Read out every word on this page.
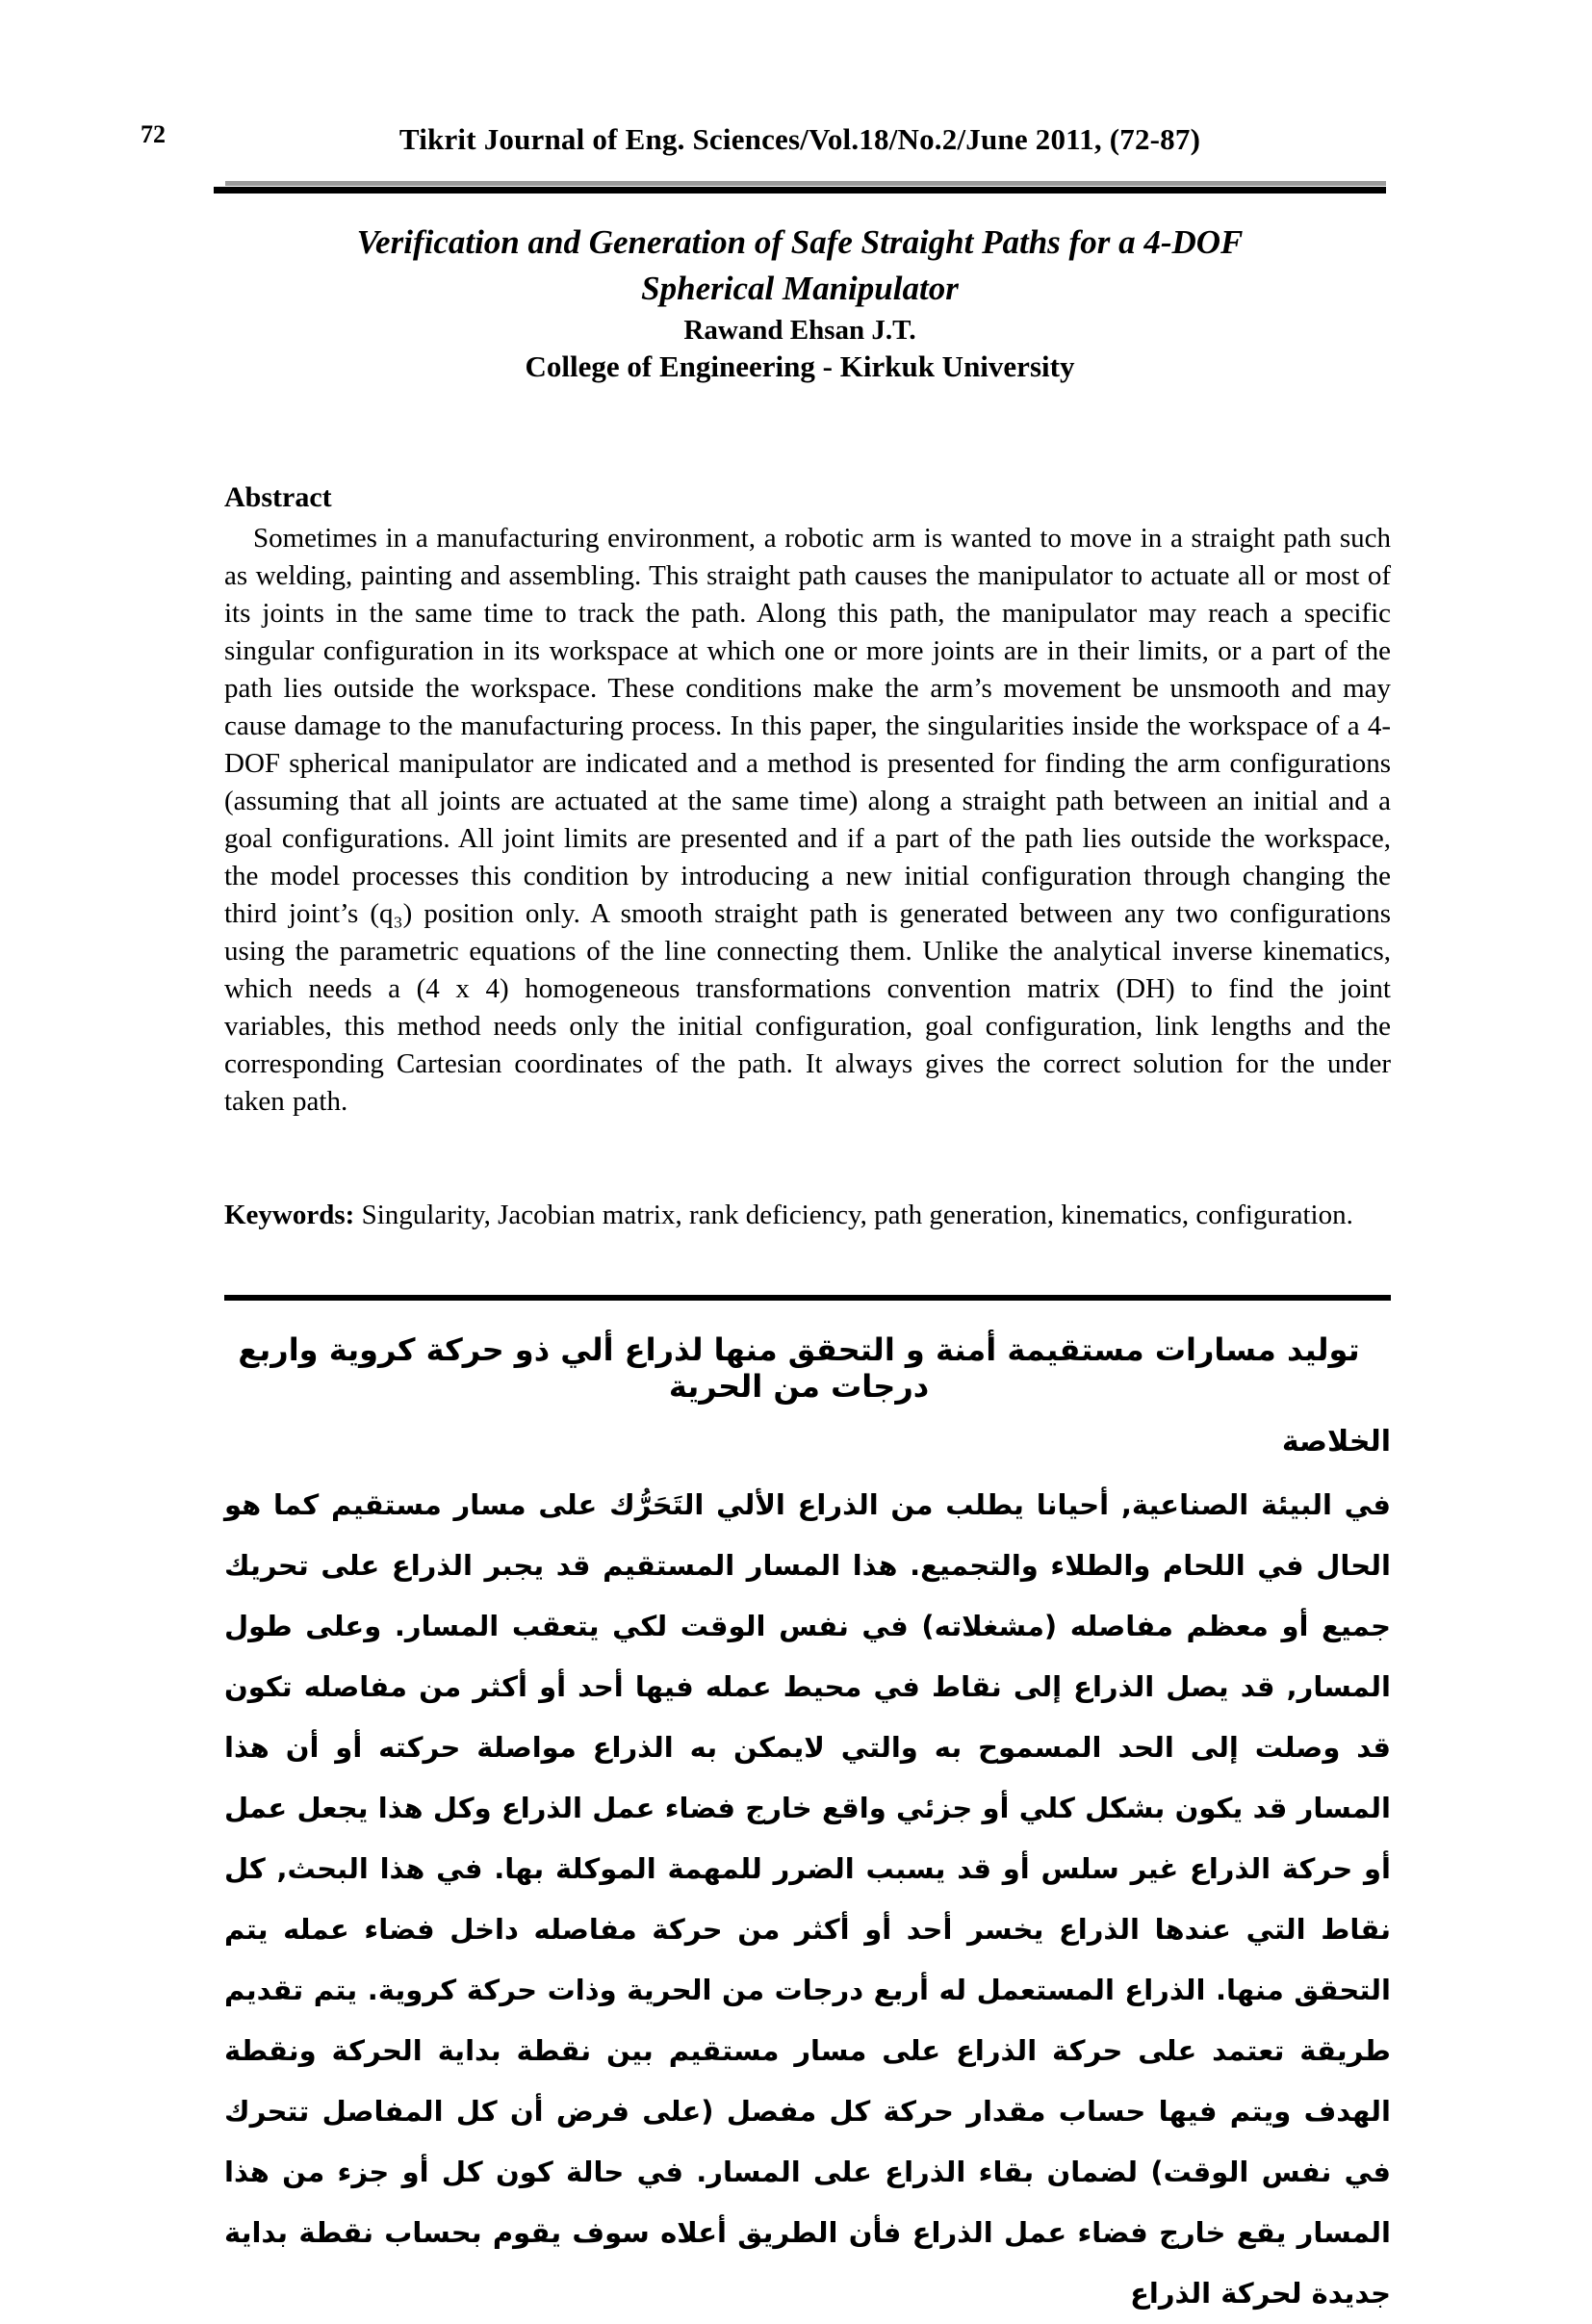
72	Tikrit Journal of Eng. Sciences/Vol.18/No.2/June 2011, (72-87)
Verification and Generation of Safe Straight Paths for a 4-DOF
Spherical Manipulator
Rawand Ehsan J.T.
College of Engineering - Kirkuk University
Abstract
Sometimes in a manufacturing environment, a robotic arm is wanted to move in a straight path such as welding, painting and assembling. This straight path causes the manipulator to actuate all or most of its joints in the same time to track the path. Along this path, the manipulator may reach a specific singular configuration in its workspace at which one or more joints are in their limits, or a part of the path lies outside the workspace. These conditions make the arm’s movement be unsmooth and may cause damage to the manufacturing process. In this paper, the singularities inside the workspace of a 4-DOF spherical manipulator are indicated and a method is presented for finding the arm configurations (assuming that all joints are actuated at the same time) along a straight path between an initial and a goal configurations. All joint limits are presented and if a part of the path lies outside the workspace, the model processes this condition by introducing a new initial configuration through changing the third joint’s (q₃) position only. A smooth straight path is generated between any two configurations using the parametric equations of the line connecting them. Unlike the analytical inverse kinematics, which needs a (4 x 4) homogeneous transformations convention matrix (DH) to find the joint variables, this method needs only the initial configuration, goal configuration, link lengths and the corresponding Cartesian coordinates of the path. It always gives the correct solution for the under taken path.
Keywords: Singularity, Jacobian matrix, rank deficiency, path generation, kinematics, configuration.
توليد مسارات مستقيمة أمنة و التحقق منها لذراع ألي ذو حركة كروية واربع درجات من الحرية
الخلاصة
في البيئة الصناعية, أحيانا يطلب من الذراع الألي التَحَرُّك على مسار مستقيم كما هو الحال في اللحام والطلاء والتجميع. هذا المسار المستقيم قد يجبر الذراع على تحريك جميع أو معظم مفاصله (مشغلاته) في نفس الوقت لكي يتعقب المسار. وعلى طول المسار, قد يصل الذراع إلى نقاط في محيط عمله فيها أحد أو أكثر من مفاصله تكون قد وصلت إلى الحد المسموح به والتي لايمكن به الذراع مواصلة حركته أو أن هذا المسار قد يكون بشكل كلي أو جزئي واقع خارج فضاء عمل الذراع وكل هذا يجعل عمل أو حركة الذراع غير سلس أو قد يسبب الضرر للمهمة الموكلة بها. في هذا البحث, كل نقاط التي عندها الذراع يخسر أحد أو أكثر من حركة مفاصله داخل فضاء عمله يتم التحقق منها. الذراع المستعمل له أربع درجات من الحرية وذات حركة كروية. يتم تقديم طريقة تعتمد على حركة الذراع على مسار مستقيم بين نقطة بداية الحركة ونقطة الهدف ويتم فيها حساب مقدار حركة كل مفصل (على فرض أن كل المفاصل تتحرك في نفس الوقت) لضمان بقاء الذراع على المسار. في حالة كون كل أو جزء من هذا المسار يقع خارج فضاء عمل الذراع فأن الطريق أعلاه سوف يقوم بحساب نقطة بداية جديدة لحركة الذراع
